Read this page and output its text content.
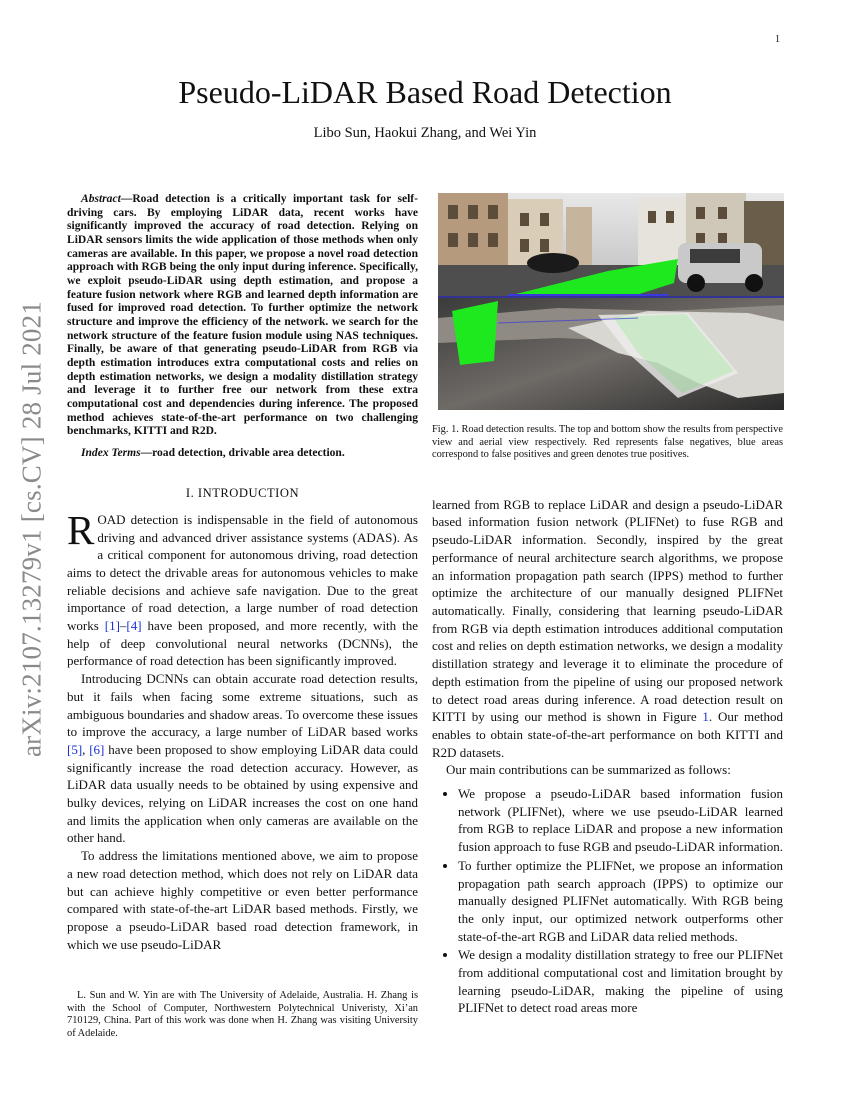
1
arXiv:2107.13279v1 [cs.CV] 28 Jul 2021
Pseudo-LiDAR Based Road Detection
Libo Sun, Haokui Zhang, and Wei Yin

Abstract—Road detection is a critically important task for self-driving cars. By employing LiDAR data, recent works have significantly improved the accuracy of road detection. Relying on LiDAR sensors limits the wide application of those methods when only cameras are available. In this paper, we propose a novel road detection approach with RGB being the only input during inference. Specifically, we exploit pseudo-LiDAR using depth estimation, and propose a feature fusion network where RGB and learned depth information are fused for improved road detection. To further optimize the network structure and improve the efficiency of the network. we search for the network structure of the feature fusion module using NAS techniques. Finally, be aware of that generating pseudo-LiDAR from RGB via depth estimation introduces extra computational costs and relies on depth estimation networks, we design a modality distillation strategy and leverage it to further free our network from these extra computational cost and dependencies during inference. The proposed method achieves state-of-the-art performance on two challenging benchmarks, KITTI and R2D.

Index Terms—road detection, drivable area detection.

I. INTRODUCTION

ROAD detection is indispensable in the field of autonomous driving and advanced driver assistance systems (ADAS). As a critical component for autonomous driving, road detection aims to detect the drivable areas for autonomous vehicles to make reliable decisions and achieve safe navigation. Due to the great importance of road detection, a large number of road detection works [1]–[4] have been proposed, and more recently, with the help of deep convolutional neural networks (DCNNs), the performance of road detection has been significantly improved.

Introducing DCNNs can obtain accurate road detection results, but it fails when facing some extreme situations, such as ambiguous boundaries and shadow areas. To overcome these issues to improve the accuracy, a large number of LiDAR based works [5], [6] have been proposed to show employing LiDAR data could significantly increase the road detection accuracy. However, as LiDAR data usually needs to be obtained by using expensive and bulky devices, relying on LiDAR increases the cost on one hand and limits the application when only cameras are available on the other hand.

To address the limitations mentioned above, we aim to propose a new road detection method, which does not rely on LiDAR data but can achieve highly competitive or even better performance compared with state-of-the-art LiDAR based methods. Firstly, we propose a pseudo-LiDAR based road detection framework, in which we use pseudo-LiDAR

L. Sun and W. Yin are with The University of Adelaide, Australia. H. Zhang is with the School of Computer, Northwestern Polytechnical Univeristy, Xi’an 710129, China. Part of this work was done when H. Zhang was visiting University of Adelaide.

Fig. 1. Road detection results. The top and bottom show the results from perspective view and aerial view respectively. Red represents false negatives, blue areas correspond to false positives and green denotes true positives.

learned from RGB to replace LiDAR and design a pseudo-LiDAR based information fusion network (PLIFNet) to fuse RGB and pseudo-LiDAR information. Secondly, inspired by the great performance of neural architecture search algorithms, we propose an information propagation path search (IPPS) method to further optimize the architecture of our manually designed PLIFNet automatically. Finally, considering that learning pseudo-LiDAR from RGB via depth estimation introduces additional computation cost and relies on depth estimation networks, we design a modality distillation strategy and leverage it to eliminate the procedure of depth estimation from the pipeline of using our proposed network to detect road areas during inference. A road detection result on KITTI by using our method is shown in Figure 1. Our method enables to obtain state-of-the-art performance on both KITTI and R2D datasets.

Our main contributions can be summarized as follows:

• We propose a pseudo-LiDAR based information fusion network (PLIFNet), where we use pseudo-LiDAR learned from RGB to replace LiDAR and propose a new information fusion approach to fuse RGB and pseudo-LiDAR information.
• To further optimize the PLIFNet, we propose an information propagation path search approach (IPPS) to optimize our manually designed PLIFNet automatically. With RGB being the only input, our optimized network outperforms other state-of-the-art RGB and LiDAR data relied methods.
• We design a modality distillation strategy to free our PLIFNet from additional computational cost and limitation brought by learning pseudo-LiDAR, making the pipeline of using PLIFNet to detect road areas more
